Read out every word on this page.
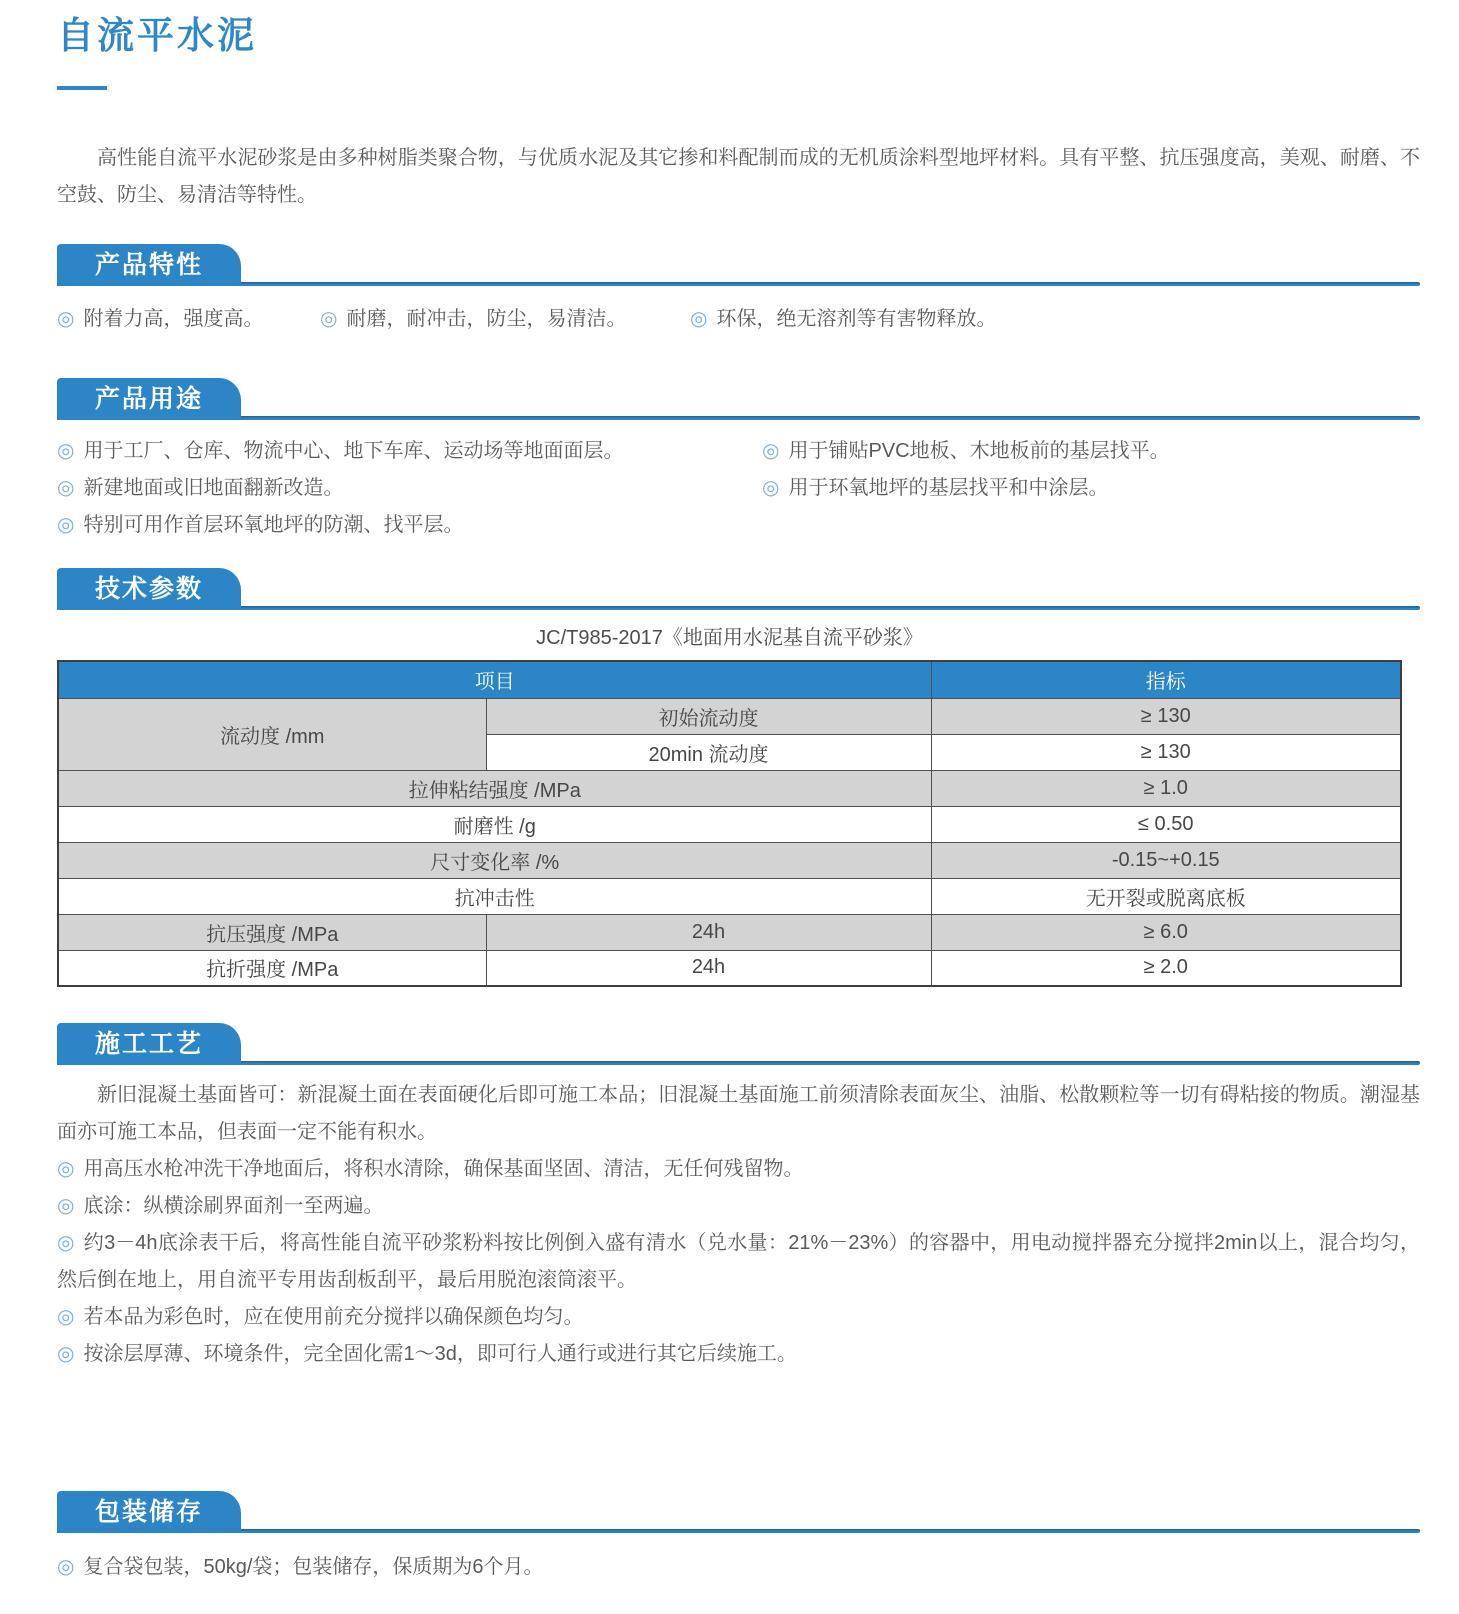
自流平水泥

高性能自流平水泥砂浆是由多种树脂类聚合物，与优质水泥及其它掺和料配制而成的无机质涂料型地坪材料。具有平整、抗压强度高，美观、耐磨、不空鼓、防尘、易清洁等特性。

产品特性
◎ 附着力高，强度高。	◎ 耐磨，耐冲击，防尘，易清洁。	◎ 环保，绝无溶剂等有害物释放。
产品用途
◎ 用于工厂、仓库、物流中心、地下车库、运动场等地面面层。
◎ 新建地面或旧地面翻新改造。
◎ 特别可用作首层环氧地坪的防潮、找平层。
◎ 用于铺贴PVC地板、木地板前的基层找平。
◎ 用于环氧地坪的基层找平和中涂层。
技术参数
JC/T985-2017《地面用水泥基自流平砂浆》
项目		指标
流动度 /mm	初始流动度	≥ 130
	20min 流动度	≥ 130
拉伸粘结强度 /MPa		≥ 1.0
耐磨性 /g		≤ 0.50
尺寸变化率 /%		-0.15~+0.15
抗冲击性		无开裂或脱离底板
抗压强度 /MPa	24h	≥ 6.0
抗折强度 /MPa	24h	≥ 2.0
施工工艺

新旧混凝土基面皆可：新混凝土面在表面硬化后即可施工本品；旧混凝土基面施工前须清除表面灰尘、油脂、松散颗粒等一切有碍粘接的物质。潮湿基面亦可施工本品，但表面一定不能有积水。

◎ 用高压水枪冲洗干净地面后，将积水清除，确保基面坚固、清洁，无任何残留物。
◎ 底涂：纵横涂刷界面剂一至两遍。
◎ 约3－4h底涂表干后，将高性能自流平砂浆粉料按比例倒入盛有清水（兑水量：21%－23%）的容器中，用电动搅拌器充分搅拌2min以上，混合均匀，然后倒在地上，用自流平专用齿刮板刮平，最后用脱泡滚筒滚平。
◎ 若本品为彩色时，应在使用前充分搅拌以确保颜色均匀。
◎ 按涂层厚薄、环境条件，完全固化需1～3d，即可行人通行或进行其它后续施工。
包装储存
◎ 复合袋包装，50kg/袋；包装储存，保质期为6个月。
